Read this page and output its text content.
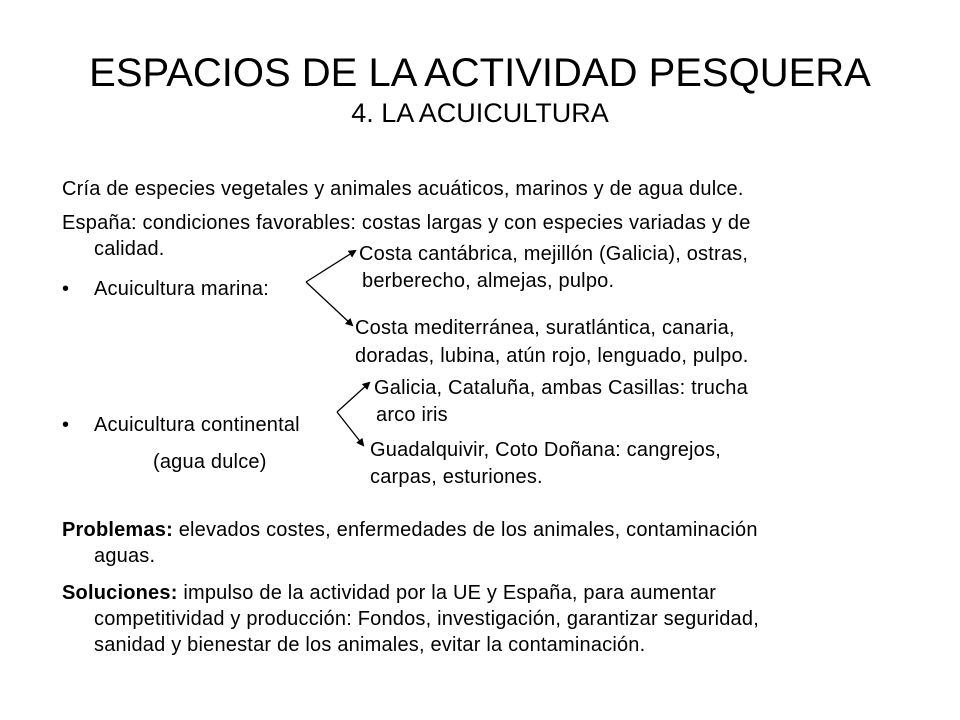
ESPACIOS DE LA ACTIVIDAD PESQUERA
4. LA ACUICULTURA
Cría de especies vegetales y animales acuáticos, marinos y de agua dulce.
España: condiciones favorables: costas largas y con especies variadas y de
calidad.
• Acuicultura marina:
Costa cantábrica, mejillón (Galicia), ostras,
berberecho, almejas, pulpo.
Costa mediterránea, suratlántica, canaria,
doradas, lubina, atún rojo, lenguado, pulpo.
• Acuicultura continental
(agua dulce)
Galicia, Cataluña, ambas Casillas: trucha
arco iris
Guadalquivir, Coto Doñana: cangrejos,
carpas, esturiones.
Problemas: elevados costes, enfermedades de los animales, contaminación
aguas.
Soluciones: impulso de la actividad por la UE y España, para aumentar
competitividad y producción: Fondos, investigación, garantizar seguridad,
sanidad y bienestar de los animales, evitar la contaminación.
